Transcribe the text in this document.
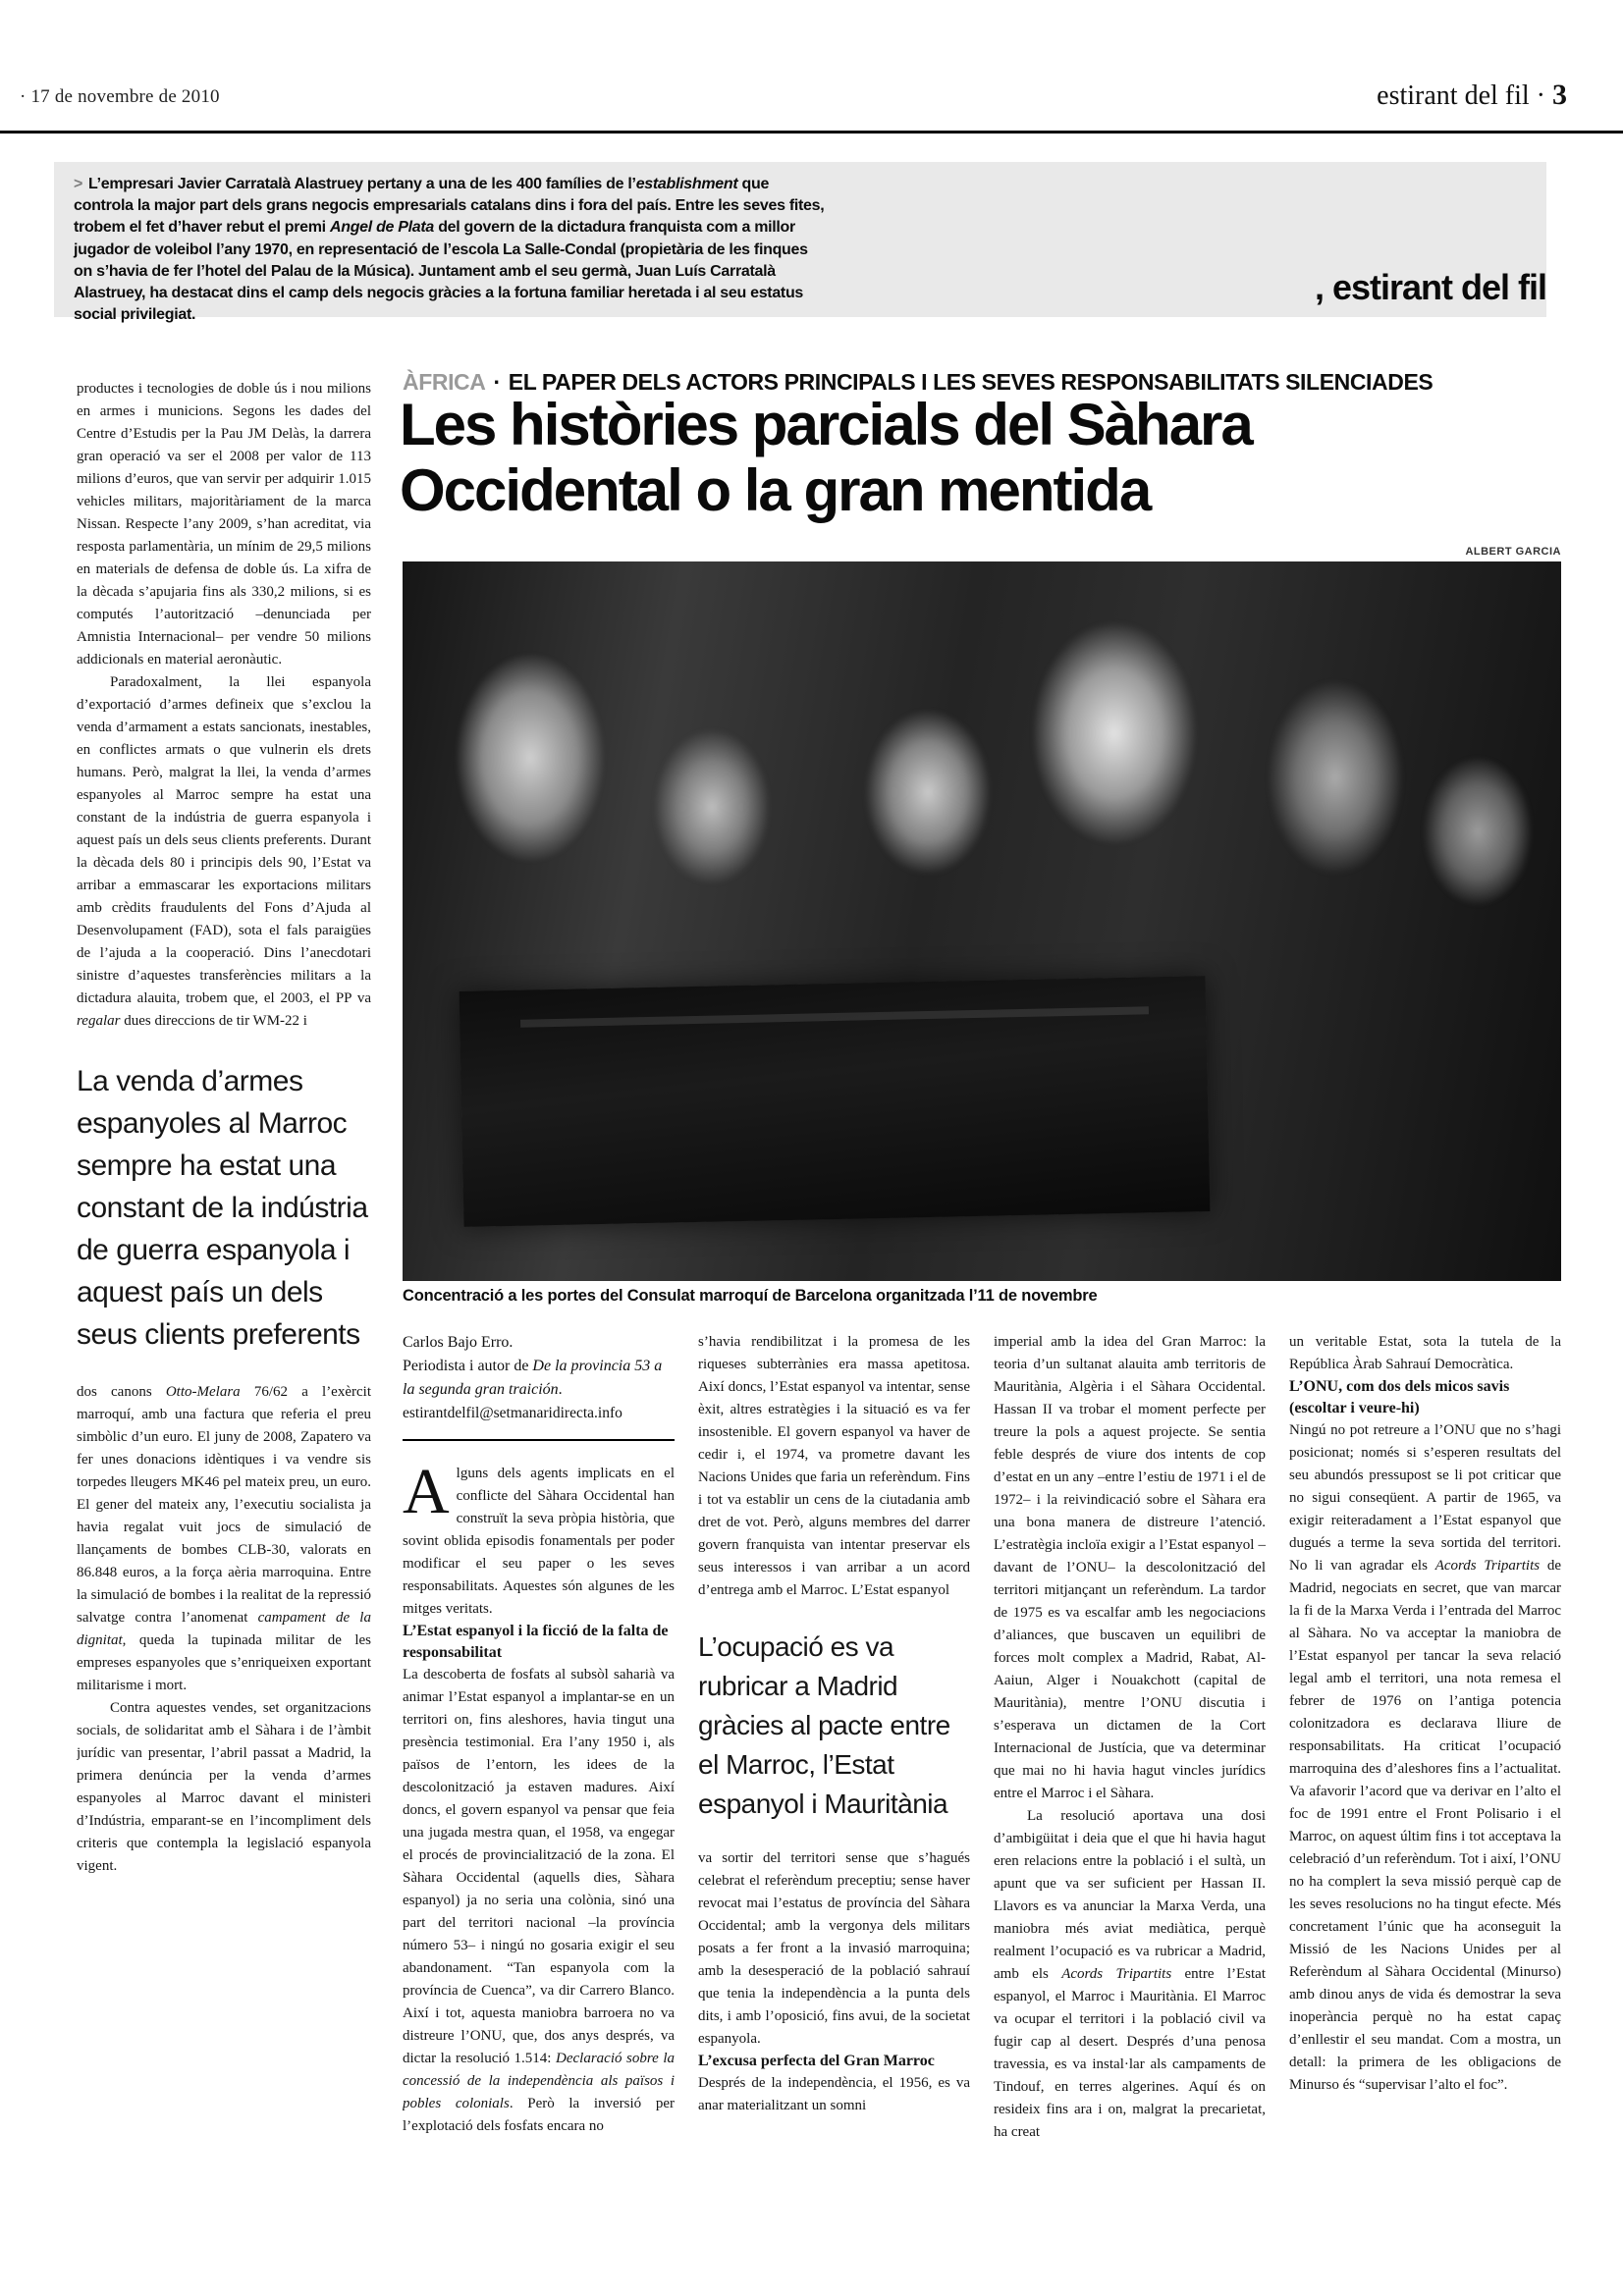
· 17 de novembre de 2010	estirant del fil · 3
> L’empresari Javier Carratalà Alastruey pertany a una de les 400 famílies de l’establishment que controla la major part dels grans negocis empresarials catalans dins i fora del país. Entre les seves fites, trobem el fet d’haver rebut el premi Angel de Plata del govern de la dictadura franquista com a millor jugador de voleibol l’any 1970, en representació de l’escola La Salle-Condal (propietària de les finques on s’havia de fer l’hotel del Palau de la Música). Juntament amb el seu germà, Juan Luís Carratalà Alastruey, ha destacat dins el camp dels negocis gràcies a la fortuna familiar heretada i al seu estatus social privilegiat.
, estirant del fil
ÀFRICA · EL PAPER DELS ACTORS PRINCIPALS I LES SEVES RESPONSABILITATS SILENCIADES
Les històries parcials del Sàhara Occidental o la gran mentida
ALBERT GARCIA
Concentració a les portes del Consulat marroquí de Barcelona organitzada l’11 de novembre

productes i tecnologies de doble ús i nou milions en armes i municions. Segons les dades del Centre d’Estudis per la Pau JM Delàs, la darrera gran operació va ser el 2008 per valor de 113 milions d’euros, que van servir per adquirir 1.015 vehicles militars, majoritàriament de la marca Nissan. Respecte l’any 2009, s’han acreditat, via resposta parlamentària, un mínim de 29,5 milions en materials de defensa de doble ús. La xifra de la dècada s’apujaria fins als 330,2 milions, si es computés l’autorització –denunciada per Amnistia Internacional– per vendre 50 milions addicionals en material aeronàutic.

Paradoxalment, la llei espanyola d’exportació d’armes defineix que s’exclou la venda d’armament a estats sancionats, inestables, en conflictes armats o que vulnerin els drets humans. Però, malgrat la llei, la venda d’armes espanyoles al Marroc sempre ha estat una constant de la indústria de guerra espanyola i aquest país un dels seus clients preferents. Durant la dècada dels 80 i principis dels 90, l’Estat va arribar a emmascarar les exportacions militars amb crèdits fraudulents del Fons d’Ajuda al Desenvolupament (FAD), sota el fals paraigües de l’ajuda a la cooperació. Dins l’anecdotari sinistre d’aquestes transferències militars a la dictadura alauita, trobem que, el 2003, el PP va regalar dues direccions de tir WM-22 i

La venda d’armes espanyoles al Marroc sempre ha estat una constant de la indústria de guerra espanyola i aquest país un dels seus clients preferents

dos canons Otto-Melara 76/62 a l’exèrcit marroquí, amb una factura que referia el preu simbòlic d’un euro. El juny de 2008, Zapatero va fer unes donacions idèntiques i va vendre sis torpedes lleugers MK46 pel mateix preu, un euro. El gener del mateix any, l’executiu socialista ja havia regalat vuit jocs de simulació de llançaments de bombes CLB-30, valorats en 86.848 euros, a la força aèria marroquina. Entre la simulació de bombes i la realitat de la repressió salvatge contra l’anomenat campament de la dignitat, queda la tupinada militar de les empreses espanyoles que s’enriqueixen exportant militarisme i mort.

Contra aquestes vendes, set organitzacions socials, de solidaritat amb el Sàhara i de l’àmbit jurídic van presentar, l’abril passat a Madrid, la primera denúncia per la venda d’armes espanyoles al Marroc davant el ministeri d’Indústria, emparant-se en l’incompliment dels criteris que contempla la legislació espanyola vigent.

Carlos Bajo Erro.
Periodista i autor de De la provincia 53 a la segunda gran traición.
estirantdelfil@setmanaridirecta.info

Alguns dels agents implicats en el conflicte del Sàhara Occidental han construït la seva pròpia història, que sovint oblida episodis fonamentals per poder modificar el seu paper o les seves responsabilitats. Aquestes són algunes de les mitges veritats.

L’Estat espanyol i la ficció de la falta de responsabilitat

La descoberta de fosfats al subsòl saharià va animar l’Estat espanyol a implantar-se en un territori on, fins aleshores, havia tingut una presència testimonial. Era l’any 1950 i, als països de l’entorn, les idees de la descolonització ja estaven madures. Així doncs, el govern espanyol va pensar que feia una jugada mestra quan, el 1958, va engegar el procés de provincialització de la zona. El Sàhara Occidental (aquells dies, Sàhara espanyol) ja no seria una colònia, sinó una part del territori nacional –la província número 53– i ningú no gosaria exigir el seu abandonament. “Tan espanyola com la província de Cuenca”, va dir Carrero Blanco. Així i tot, aquesta maniobra barroera no va distreure l’ONU, que, dos anys després, va dictar la resolució 1.514: Declaració sobre la concessió de la independència als països i pobles colonials. Però la inversió per l’explotació dels fosfats encara no

s’havia rendibilitzat i la promesa de les riqueses subterrànies era massa apetitosa. Així doncs, l’Estat espanyol va intentar, sense èxit, altres estratègies i la situació es va fer insostenible. El govern espanyol va haver de cedir i, el 1974, va prometre davant les Nacions Unides que faria un referèndum. Fins i tot va establir un cens de la ciutadania amb dret de vot. Però, alguns membres del darrer govern franquista van intentar preservar els seus interessos i van arribar a un acord d’entrega amb el Marroc. L’Estat espanyol

L’ocupació es va rubricar a Madrid gràcies al pacte entre el Marroc, l’Estat espanyol i Mauritània

va sortir del territori sense que s’hagués celebrat el referèndum preceptiu; sense haver revocat mai l’estatus de província del Sàhara Occidental; amb la vergonya dels militars posats a fer front a la invasió marroquina; amb la desesperació de la població sahrauí que tenia la independència a la punta dels dits, i amb l’oposició, fins avui, de la societat espanyola.

L’excusa perfecta del Gran Marroc

Després de la independència, el 1956, es va anar materialitzant un somni

imperial amb la idea del Gran Marroc: la teoria d’un sultanat alauita amb territoris de Mauritània, Algèria i el Sàhara Occidental. Hassan II va trobar el moment perfecte per treure la pols a aquest projecte. Se sentia feble després de viure dos intents de cop d’estat en un any –entre l’estiu de 1971 i el de 1972– i la reivindicació sobre el Sàhara era una bona manera de distreure l’atenció. L’estratègia incloïa exigir a l’Estat espanyol –davant de l’ONU– la descolonització del territori mitjançant un referèndum. La tardor de 1975 es va escalfar amb les negociacions d’aliances, que buscaven un equilibri de forces molt complex a Madrid, Rabat, Al-Aaiun, Alger i Nouakchott (capital de Mauritània), mentre l’ONU discutia i s’esperava un dictamen de la Cort Internacional de Justícia, que va determinar que mai no hi havia hagut vincles jurídics entre el Marroc i el Sàhara.

La resolució aportava una dosi d’ambigüitat i deia que el que hi havia hagut eren relacions entre la població i el sultà, un apunt que va ser suficient per Hassan II. Llavors es va anunciar la Marxa Verda, una maniobra més aviat mediàtica, perquè realment l’ocupació es va rubricar a Madrid, amb els Acords Tripartits entre l’Estat espanyol, el Marroc i Mauritània. El Marroc va ocupar el territori i la població civil va fugir cap al desert. Després d’una penosa travessia, es va instal·lar als campaments de Tindouf, en terres algerines. Aquí és on resideix fins ara i on, malgrat la precarietat, ha creat

un veritable Estat, sota la tutela de la República Àrab Sahrauí Democràtica.

L’ONU, com dos dels micos savis (escoltar i veure-hi)

Ningú no pot retreure a l’ONU que no s’hagi posicionat; només si s’esperen resultats del seu abundós pressupost se li pot criticar que no sigui conseqüent. A partir de 1965, va exigir reiteradament a l’Estat espanyol que dugués a terme la seva sortida del territori. No li van agradar els Acords Tripartits de Madrid, negociats en secret, que van marcar la fi de la Marxa Verda i l’entrada del Marroc al Sàhara. No va acceptar la maniobra de l’Estat espanyol per tancar la seva relació legal amb el territori, una nota remesa el febrer de 1976 on l’antiga potencia colonitzadora es declarava lliure de responsabilitats. Ha criticat l’ocupació marroquina des d’aleshores fins a l’actualitat. Va afavorir l’acord que va derivar en l’alto el foc de 1991 entre el Front Polisario i el Marroc, on aquest últim fins i tot acceptava la celebració d’un referèndum. Tot i així, l’ONU no ha complert la seva missió perquè cap de les seves resolucions no ha tingut efecte. Més concretament l’únic que ha aconseguit la Missió de les Nacions Unides per al Referèndum al Sàhara Occidental (Minurso) amb dinou anys de vida és demostrar la seva inoperància perquè no ha estat capaç d’enllestir el seu mandat. Com a mostra, un detall: la primera de les obligacions de Minurso és “supervisar l’alto el foc”.
